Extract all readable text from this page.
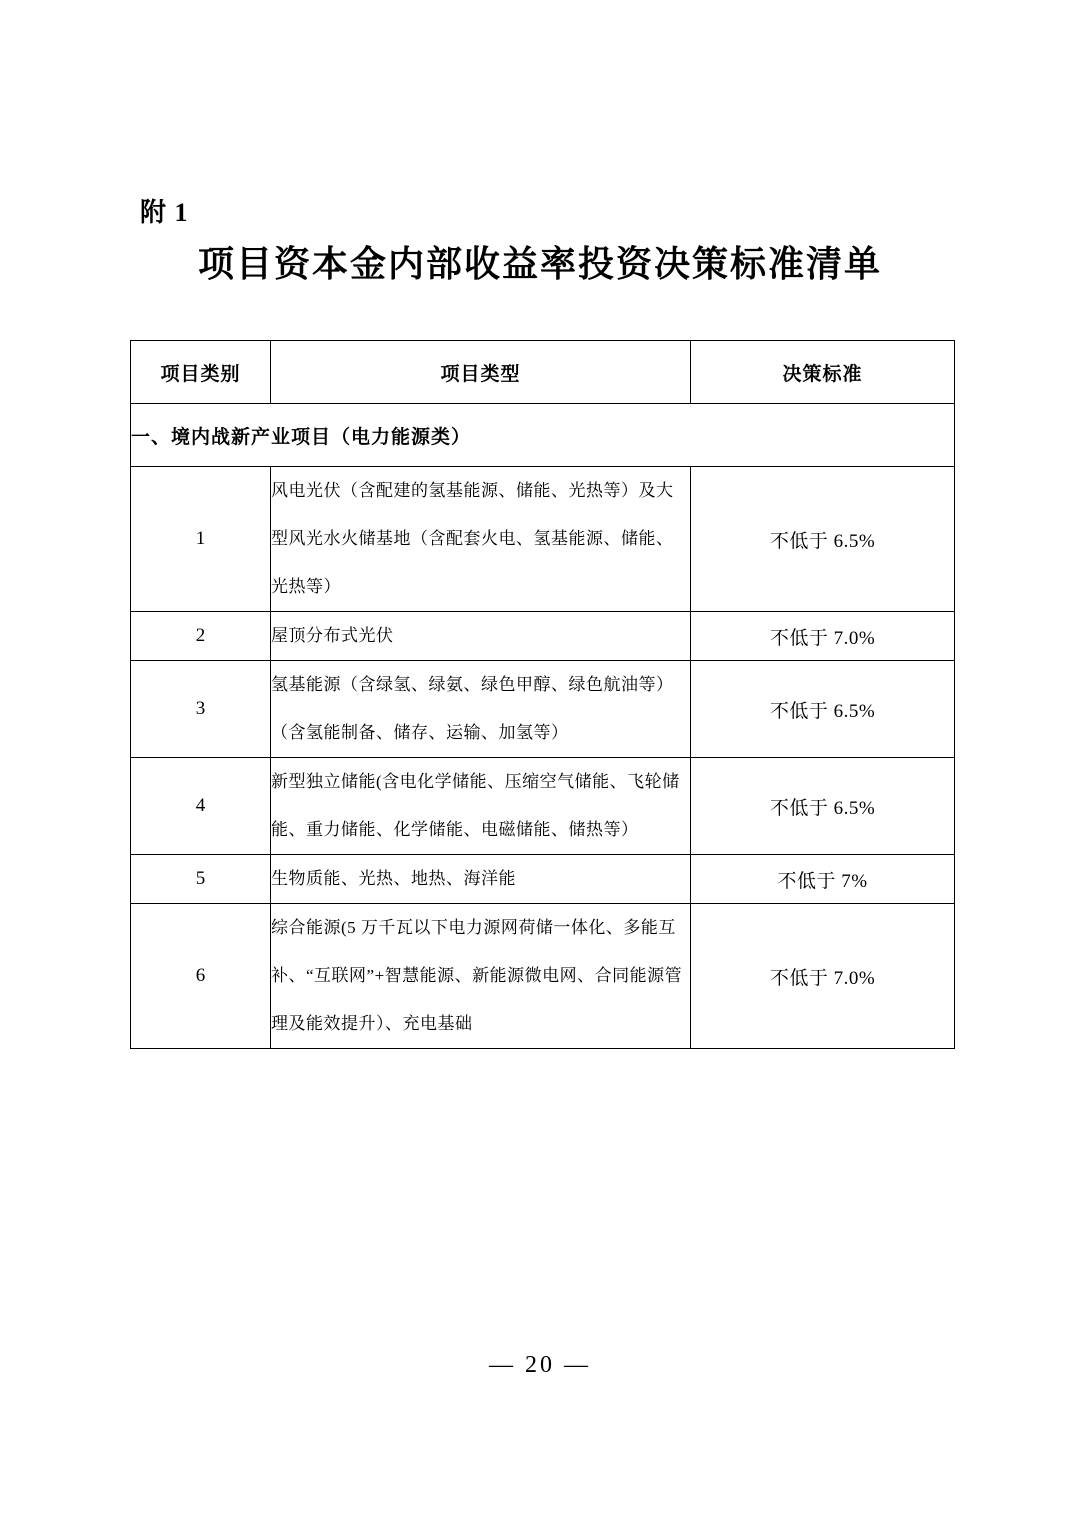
附 1
项目资本金内部收益率投资决策标准清单
项目类别	项目类型	决策标准
一、境内战新产业项目（电力能源类）		
1	风电光伏（含配建的氢基能源、储能、光热等）及大型风光水火储基地（含配套火电、氢基能源、储能、光热等）	不低于 6.5%
2	屋顶分布式光伏	不低于 7.0%
3	氢基能源（含绿氢、绿氨、绿色甲醇、绿色航油等）（含氢能制备、储存、运输、加氢等）	不低于 6.5%
4	新型独立储能(含电化学储能、压缩空气储能、飞轮储能、重力储能、化学储能、电磁储能、储热等）	不低于 6.5%
5	生物质能、光热、地热、海洋能	不低于 7%
6	综合能源(5 万千瓦以下电力源网荷储一体化、多能互补、“互联网”+智慧能源、新能源微电网、合同能源管理及能效提升）、充电基础	不低于 7.0%
— 20 —
